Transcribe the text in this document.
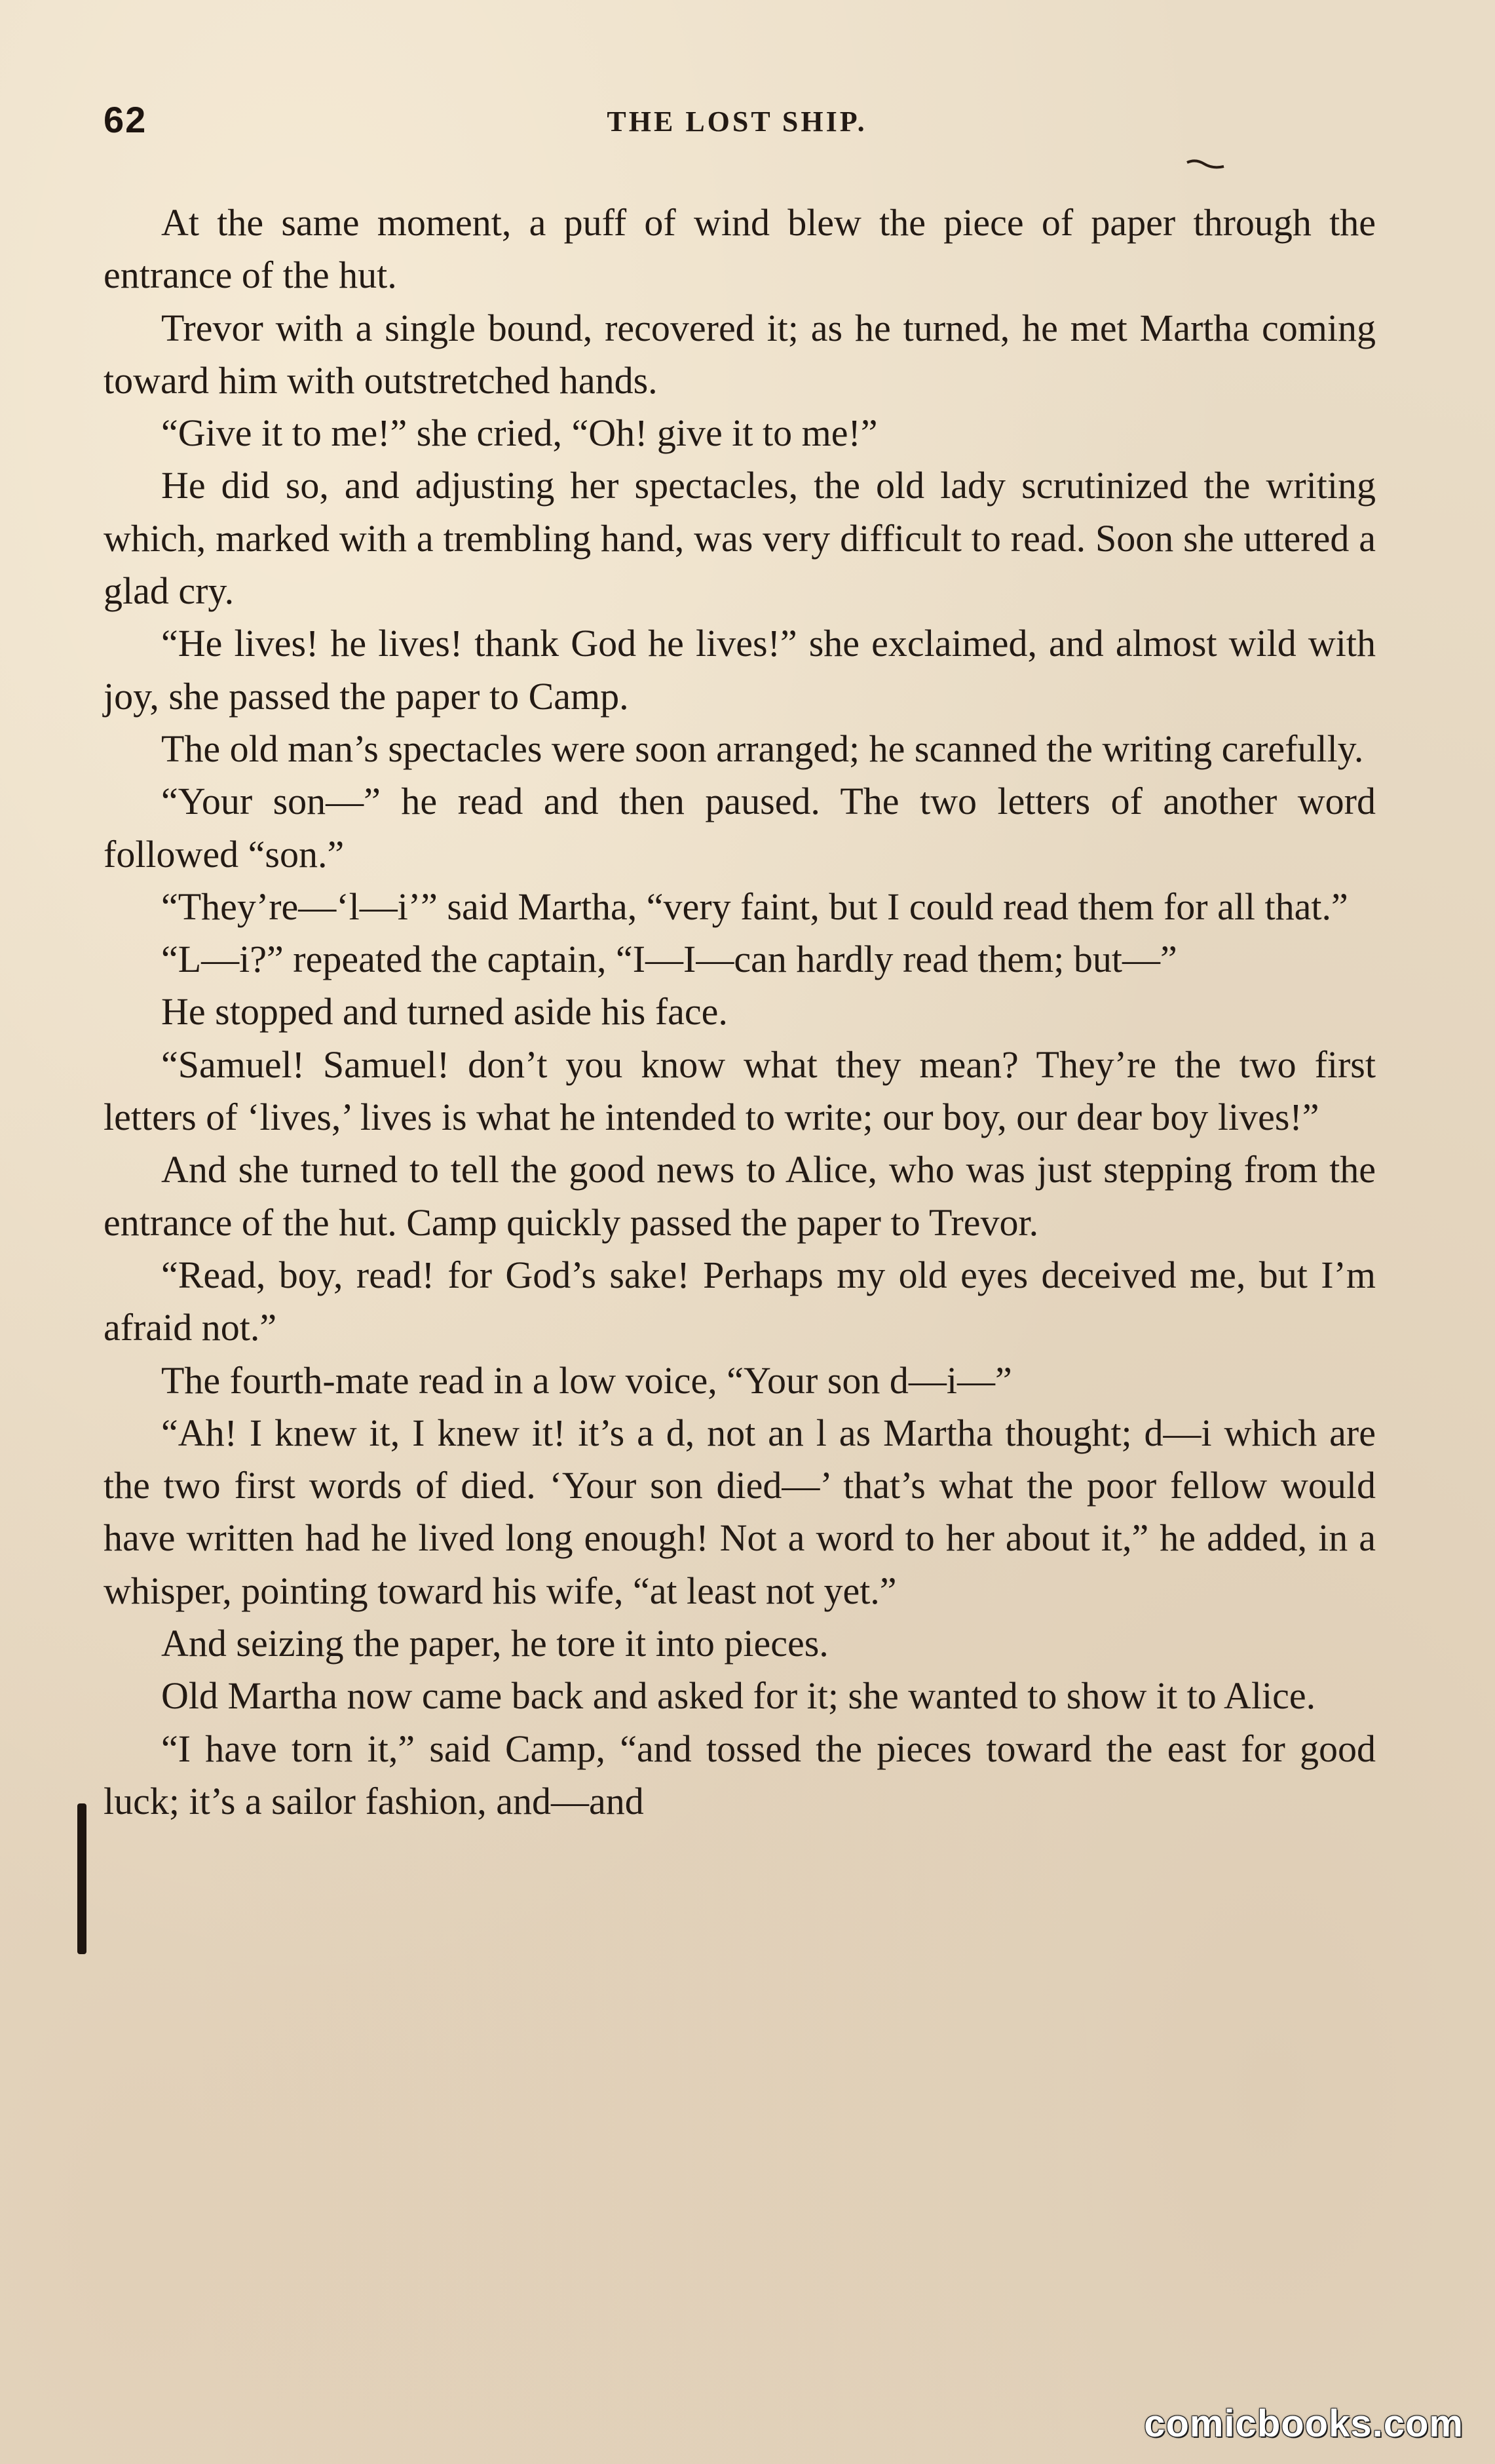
62	THE LOST SHIP.

At the same moment, a puff of wind blew the piece of paper through the entrance of the hut.

Trevor with a single bound, recovered it; as he turned, he met Martha coming toward him with outstretched hands.

“Give it to me!” she cried, “Oh! give it to me!”

He did so, and adjusting her spectacles, the old lady scrutinized the writing which, marked with a trembling hand, was very difficult to read. Soon she uttered a glad cry.

“He lives! he lives! thank God he lives!” she exclaimed, and almost wild with joy, she passed the paper to Camp.

The old man’s spectacles were soon arranged; he scanned the writing carefully.

“Your son—” he read and then paused. The two letters of another word followed “son.”

“They’re—‘l—i’” said Martha, “very faint, but I could read them for all that.”

“L—i?” repeated the captain, “I—I—can hardly read them; but—”

He stopped and turned aside his face.

“Samuel! Samuel! don’t you know what they mean? They’re the two first letters of ‘lives,’ lives is what he intended to write; our boy, our dear boy lives!”

And she turned to tell the good news to Alice, who was just stepping from the entrance of the hut. Camp quickly passed the paper to Trevor.

“Read, boy, read! for God’s sake! Perhaps my old eyes deceived me, but I’m afraid not.”

The fourth-mate read in a low voice, “Your son d—i—”

“Ah! I knew it, I knew it! it’s a d, not an l as Martha thought; d—i which are the two first words of died. ‘Your son died—’ that’s what the poor fellow would have written had he lived long enough! Not a word to her about it,” he added, in a whisper, pointing toward his wife, “at least not yet.”

And seizing the paper, he tore it into pieces.

Old Martha now came back and asked for it; she wanted to show it to Alice.

“I have torn it,” said Camp, “and tossed the pieces toward the east for good luck; it’s a sailor fashion, and—and

comicbooks.com
